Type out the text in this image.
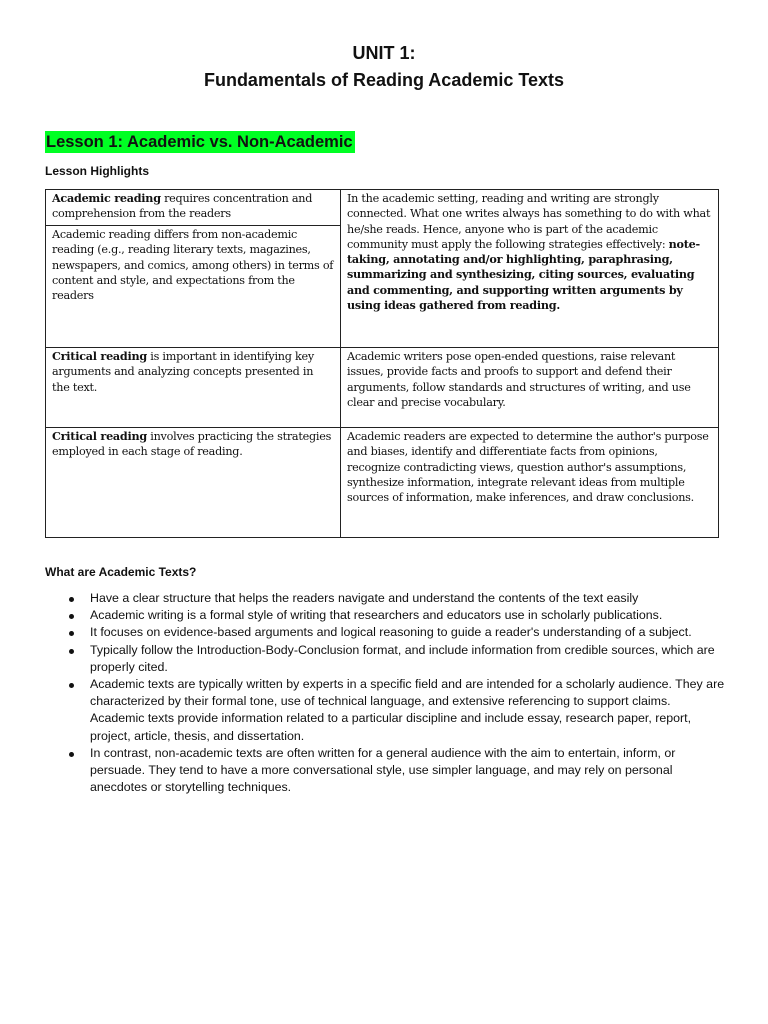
UNIT 1:
Fundamentals of Reading Academic Texts
Lesson 1: Academic vs. Non-Academic
Lesson Highlights
Academic reading requires concentration and comprehension from the readers	In the academic setting, reading and writing are strongly connected. What one writes always has something to do with what he/she reads. Hence, anyone who is part of the academic community must apply the following strategies effectively: note-taking, annotating and/or highlighting, paraphrasing, summarizing and synthesizing, citing sources, evaluating and commenting, and supporting written arguments by using ideas gathered from reading.
Academic reading differs from non-academic reading (e.g., reading literary texts, magazines, newspapers, and comics, among others) in terms of content and style, and expectations from the readers	
Critical reading is important in identifying key arguments and analyzing concepts presented in the text.	Academic writers pose open-ended questions, raise relevant issues, provide facts and proofs to support and defend their arguments, follow standards and structures of writing, and use clear and precise vocabulary.
Critical reading involves practicing the strategies employed in each stage of reading.	Academic readers are expected to determine the author's purpose and biases, identify and differentiate facts from opinions, recognize contradicting views, question author's assumptions, synthesize information, integrate relevant ideas from multiple sources of information, make inferences, and draw conclusions.
What are Academic Texts?
Have a clear structure that helps the readers navigate and understand the contents of the text easily
Academic writing is a formal style of writing that researchers and educators use in scholarly publications.
It focuses on evidence-based arguments and logical reasoning to guide a reader's understanding of a subject.
Typically follow the Introduction-Body-Conclusion format, and include information from credible sources, which are properly cited.
Academic texts are typically written by experts in a specific field and are intended for a scholarly audience. They are characterized by their formal tone, use of technical language, and extensive referencing to support claims. Academic texts provide information related to a particular discipline and include essay, research paper, report, project, article, thesis, and dissertation.
In contrast, non-academic texts are often written for a general audience with the aim to entertain, inform, or persuade. They tend to have a more conversational style, use simpler language, and may rely on personal anecdotes or storytelling techniques.
